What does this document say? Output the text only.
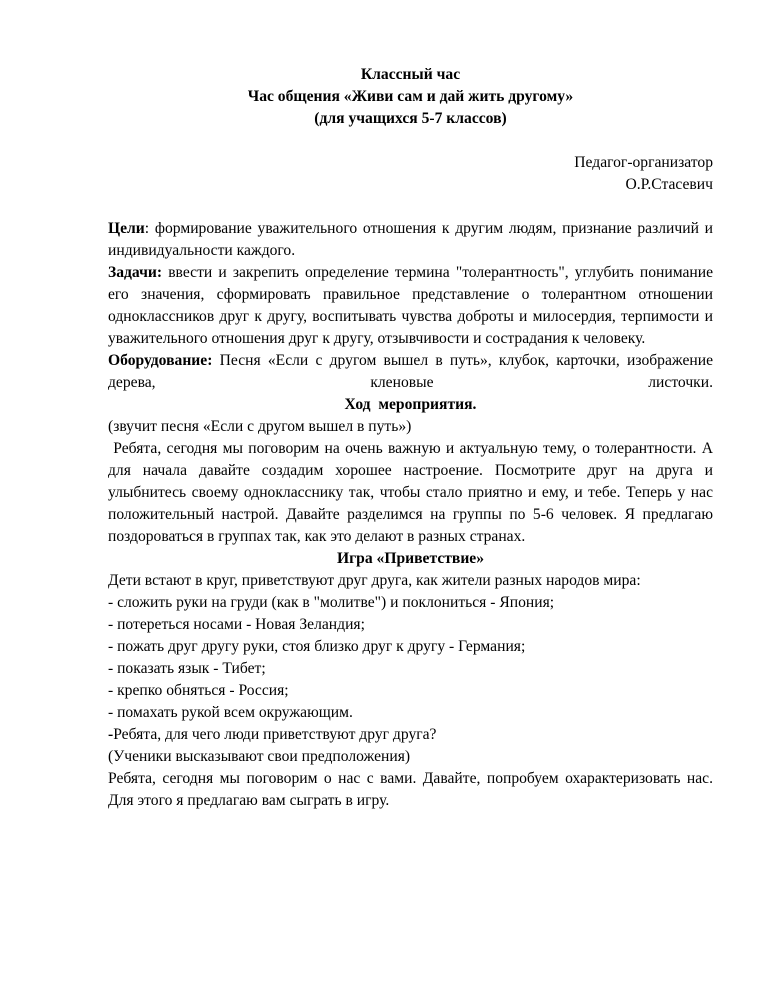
Классный час

Час общения «Живи сам и дай жить другому»

(для учащихся 5-7 классов)

Педагог-организатор

О.Р.Стасевич

Цели: формирование уважительного отношения к другим людям, признание различий и индивидуальности каждого.

Задачи: ввести и закрепить определение термина "толерантность", углубить понимание его значения, сформировать правильное представление о толерантном отношении одноклассников друг к другу, воспитывать чувства доброты и милосердия, терпимости и уважительного отношения друг к другу, отзывчивости и сострадания к человеку.

Оборудование: Песня «Если с другом вышел в путь», клубок, карточки, изображение дерева, кленовые листочки.

Ход  мероприятия.

(звучит песня «Если с другом вышел в путь»)

Ребята, сегодня мы поговорим на очень важную и актуальную тему, о толерантности. А для начала давайте создадим хорошее настроение. Посмотрите друг на друга и улыбнитесь своему однокласснику так, чтобы стало приятно и ему, и тебе. Теперь у нас положительный настрой. Давайте разделимся на группы по 5-6 человек. Я предлагаю поздороваться в группах так, как это делают в разных странах.

Игра «Приветствие»

Дети встают в круг, приветствуют друг друга, как жители разных народов мира:

- сложить руки на груди (как в "молитве") и поклониться - Япония;

- потереться носами - Новая Зеландия;

- пожать друг другу руки, стоя близко друг к другу - Германия;

- показать язык - Тибет;

- крепко обняться - Россия;

- помахать рукой всем окружающим.

-Ребята, для чего люди приветствуют друг друга?

(Ученики высказывают свои предположения)

Ребята, сегодня мы поговорим о нас с вами. Давайте, попробуем охарактеризовать нас. Для этого я предлагаю вам сыграть в игру.
